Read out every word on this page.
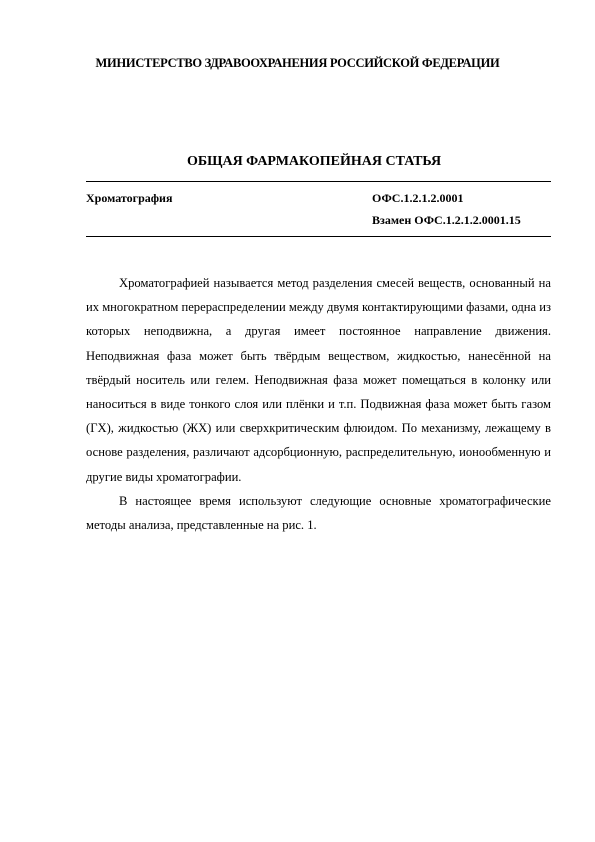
МИНИСТЕРСТВО ЗДРАВООХРАНЕНИЯ РОССИЙСКОЙ ФЕДЕРАЦИИ
ОБЩАЯ ФАРМАКОПЕЙНАЯ СТАТЬЯ
Хроматография	ОФС.1.2.1.2.0001
Взамен ОФС.1.2.1.2.0001.15

Хроматографией называется метод разделения смесей веществ, основанный на их многократном перераспределении между двумя контактирующими фазами, одна из которых неподвижна, а другая имеет постоянное направление движения. Неподвижная фаза может быть твёрдым веществом, жидкостью, нанесённой на твёрдый носитель или гелем. Неподвижная фаза может помещаться в колонку или наноситься в виде тонкого слоя или плёнки и т.п. Подвижная фаза может быть газом (ГХ), жидкостью (ЖХ) или сверхкритическим флюидом. По механизму, лежащему в основе разделения, различают адсорбционную, распределительную, ионообменную и другие виды хроматографии.

В настоящее время используют следующие основные хроматографические методы анализа, представленные на рис. 1.
